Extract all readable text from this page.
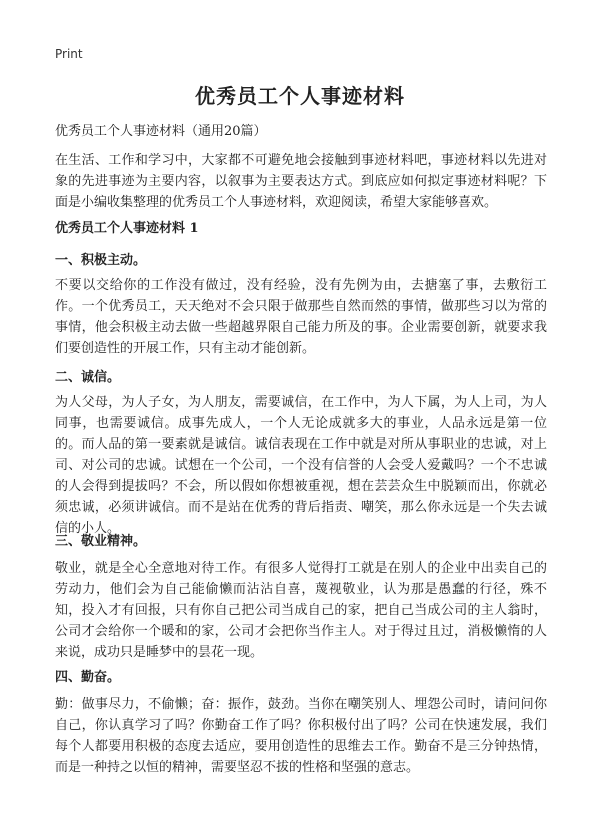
Print
优秀员工个人事迹材料

优秀员工个人事迹材料（通用20篇）

在生活、工作和学习中，大家都不可避免地会接触到事迹材料吧，事迹材料以先进对象的先进事迹为主要内容，以叙事为主要表达方式。到底应如何拟定事迹材料呢？下面是小编收集整理的优秀员工个人事迹材料，欢迎阅读，希望大家能够喜欢。

优秀员工个人事迹材料 1

一、积极主动。

不要以交给你的工作没有做过，没有经验，没有先例为由，去搪塞了事，去敷衍工作。一个优秀员工，天天绝对不会只限于做那些自然而然的事情，做那些习以为常的事情，他会积极主动去做一些超越界限自己能力所及的事。企业需要创新，就要求我们要创造性的开展工作，只有主动才能创新。

二、诚信。

为人父母，为人子女，为人朋友，需要诚信，在工作中，为人下属，为人上司，为人同事，也需要诚信。成事先成人，一个人无论成就多大的事业，人品永远是第一位的。而人品的第一要素就是诚信。诚信表现在工作中就是对所从事职业的忠诚，对上司、对公司的忠诚。试想在一个公司，一个没有信誉的人会受人爱戴吗？一个不忠诚的人会得到提拔吗？不会，所以假如你想被重视，想在芸芸众生中脱颖而出，你就必须忠诚，必须讲诚信。而不是站在优秀的背后指责、嘲笑，那么你永远是一个失去诚信的小人。

三、敬业精神。

敬业，就是全心全意地对待工作。有很多人觉得打工就是在别人的企业中出卖自己的劳动力，他们会为自己能偷懒而沾沾自喜，蔑视敬业，认为那是愚蠢的行径，殊不知，投入才有回报，只有你自己把公司当成自己的家，把自己当成公司的主人翁时，公司才会给你一个暖和的家，公司才会把你当作主人。对于得过且过，消极懒惰的人来说，成功只是睡梦中的昙花一现。

四、勤奋。

勤：做事尽力，不偷懒；奋：振作，鼓劲。当你在嘲笑别人、埋怨公司时，请问问你自己，你认真学习了吗？你勤奋工作了吗？你积极付出了吗？公司在快速发展，我们每个人都要用积极的态度去适应，要用创造性的思维去工作。勤奋不是三分钟热情，而是一种持之以恒的精神，需要坚忍不拔的性格和坚强的意志。
